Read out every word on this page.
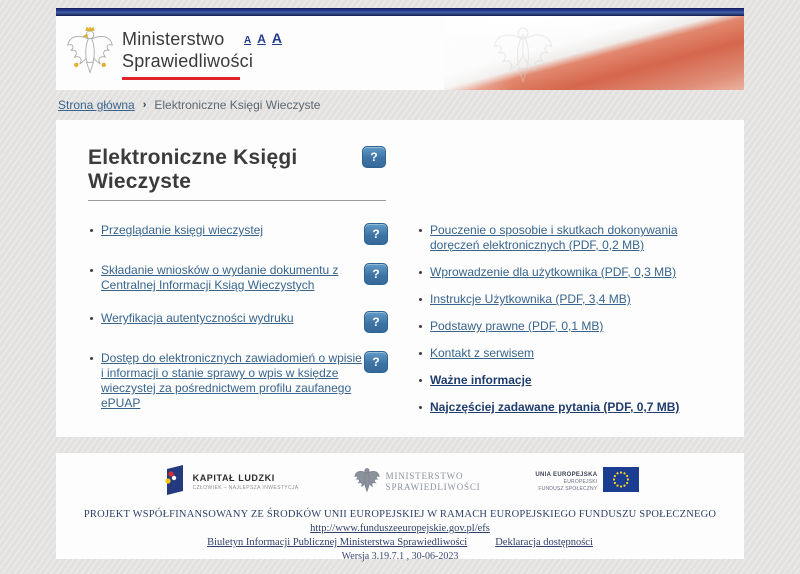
Ministerstwo
Sprawiedliwości
A A A
Strona główna › Elektroniczne Księgi Wieczyste
Elektroniczne Księgi Wieczyste
?
Przeglądanie księgi wieczystej	?
Składanie wniosków o wydanie dokumentu z Centralnej Informacji Ksiąg Wieczystych
?
Weryfikacja autentyczności wydruku	?
Dostęp do elektronicznych zawiadomień o wpisie i informacji o stanie sprawy o wpis w księdze wieczystej za pośrednictwem profilu zaufanego ePUAP
?
Pouczenie o sposobie i skutkach dokonywania doręczeń elektronicznych (PDF, 0,2 MB)
Wprowadzenie dla użytkownika (PDF, 0,3 MB)
Instrukcje Użytkownika (PDF, 3,4 MB)
Podstawy prawne (PDF, 0,1 MB)
Kontakt z serwisem
Ważne informacje
Najczęściej zadawane pytania (PDF, 0,7 MB)
KAPITAŁ LUDZKI
CZŁOWIEK – NAJLEPSZA INWESTYCJA
MINISTERSTWO
SPRAWIEDLIWOŚCI
UNIA EUROPEJSKA
EUROPEJSKI
FUNDUSZ SPOŁECZNY
PROJEKT WSPÓŁFINANSOWANY ZE ŚRODKÓW UNII EUROPEJSKIEJ W RAMACH EUROPEJSKIEGO FUNDUSZU SPOŁECZNEGO
http://www.funduszeeuropejskie.gov.pl/efs
Biuletyn Informacji Publicznej Ministerstwa Sprawiedliwości	Deklaracja dostępności
Wersja 3.19.7.1 , 30-06-2023
